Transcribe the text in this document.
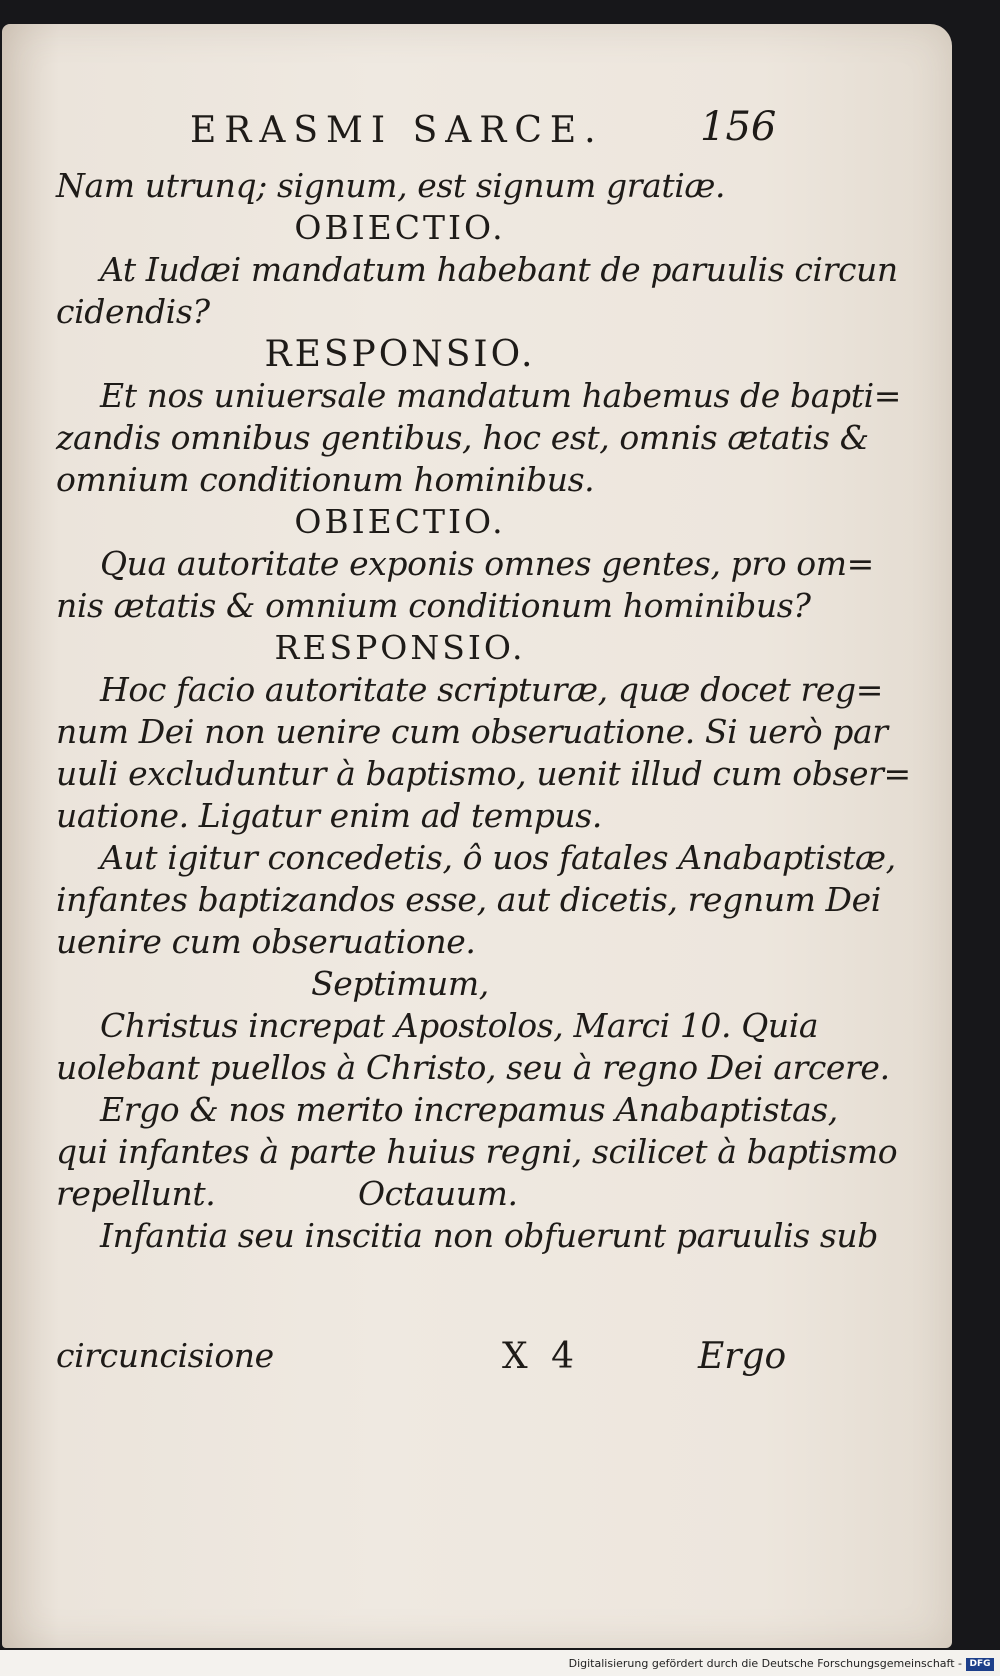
ERASMI SARCE. 156
Nam utrunq; signum, est signum gratiæ.
OBIECTIO.
At Iudæi mandatum habebant de paruulis circun
cidendis?
RESPONSIO.
Et nos uniuersale mandatum habemus de bapti=
zandis omnibus gentibus, hoc est, omnis ætatis &
omnium conditionum hominibus.
OBIECTIO.
Qua autoritate exponis omnes gentes, pro om=
nis ætatis & omnium conditionum hominibus?
RESPONSIO.
Hoc facio autoritate scripturæ, quæ docet reg=
num Dei non uenire cum obseruatione. Si uerò par
uuli excluduntur à baptismo, uenit illud cum obser=
uatione. Ligatur enim ad tempus.
Aut igitur concedetis, ô uos fatales Anabaptistæ,
infantes baptizandos esse, aut dicetis, regnum Dei
uenire cum obseruatione.
Septimum,
Christus increpat Apostolos, Marci 10. Quia
uolebant puellos à Christo, seu à regno Dei arcere.
Ergo & nos merito increpamus Anabaptistas,
qui infantes à parte huius regni, scilicet à baptismo
repellunt.	Octauum.
Infantia seu inscitia non obfuerunt paruulis sub
circuncisione	X 4	Ergo
Digitalisierung gefördert durch die Deutsche Forschungsgemeinschaft - DFG
